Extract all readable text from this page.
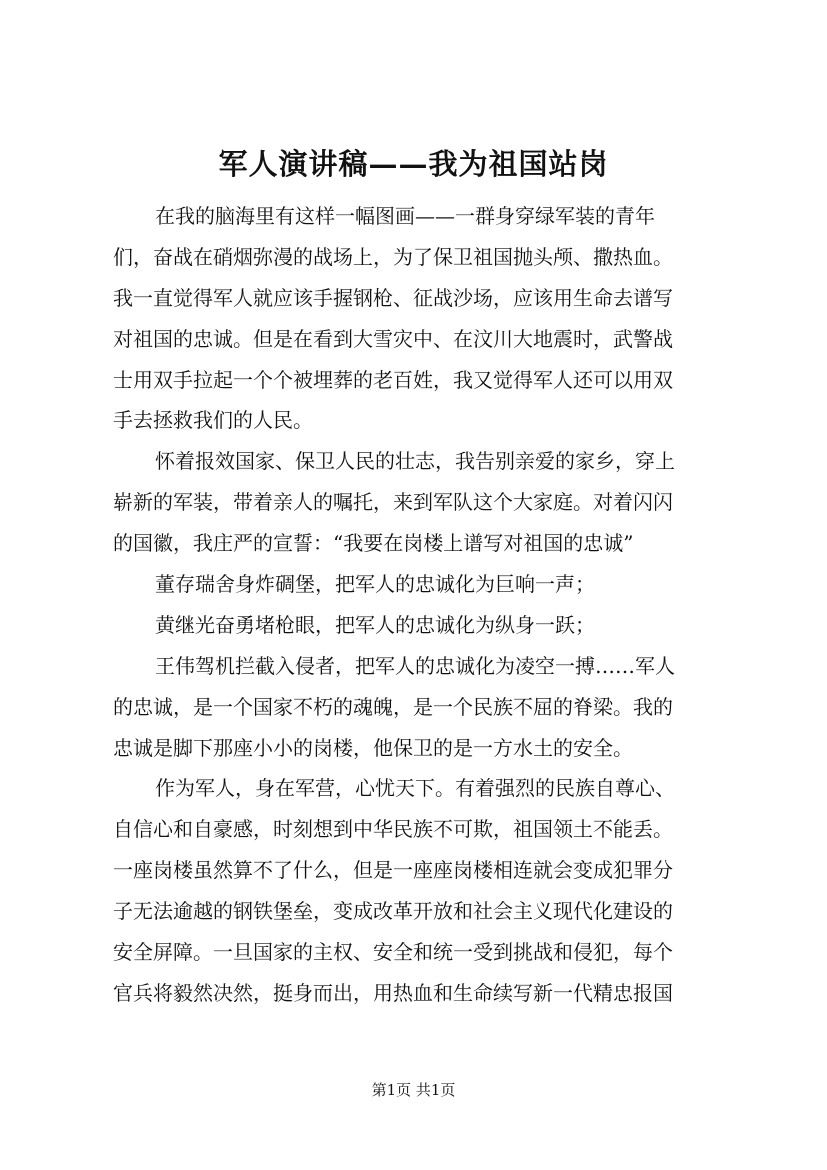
军人演讲稿——我为祖国站岗
在我的脑海里有这样一幅图画——一群身穿绿军装的青年
们，奋战在硝烟弥漫的战场上，为了保卫祖国抛头颅、撒热血。
我一直觉得军人就应该手握钢枪、征战沙场，应该用生命去谱写
对祖国的忠诚。但是在看到大雪灾中、在汶川大地震时，武警战
士用双手拉起一个个被埋葬的老百姓，我又觉得军人还可以用双
手去拯救我们的人民。
怀着报效国家、保卫人民的壮志，我告别亲爱的家乡，穿上
崭新的军装，带着亲人的嘱托，来到军队这个大家庭。对着闪闪
的国徽，我庄严的宣誓：“我要在岗楼上谱写对祖国的忠诚”
董存瑞舍身炸碉堡，把军人的忠诚化为巨响一声；
黄继光奋勇堵枪眼，把军人的忠诚化为纵身一跃；
王伟驾机拦截入侵者，把军人的忠诚化为凌空一搏……军人
的忠诚，是一个国家不朽的魂魄，是一个民族不屈的脊梁。我的
忠诚是脚下那座小小的岗楼，他保卫的是一方水土的安全。
作为军人，身在军营，心忧天下。有着强烈的民族自尊心、
自信心和自豪感，时刻想到中华民族不可欺，祖国领土不能丢。
一座岗楼虽然算不了什么，但是一座座岗楼相连就会变成犯罪分
子无法逾越的钢铁堡垒，变成改革开放和社会主义现代化建设的
安全屏障。一旦国家的主权、安全和统一受到挑战和侵犯，每个
官兵将毅然决然，挺身而出，用热血和生命续写新一代精忠报国
第1页 共1页
